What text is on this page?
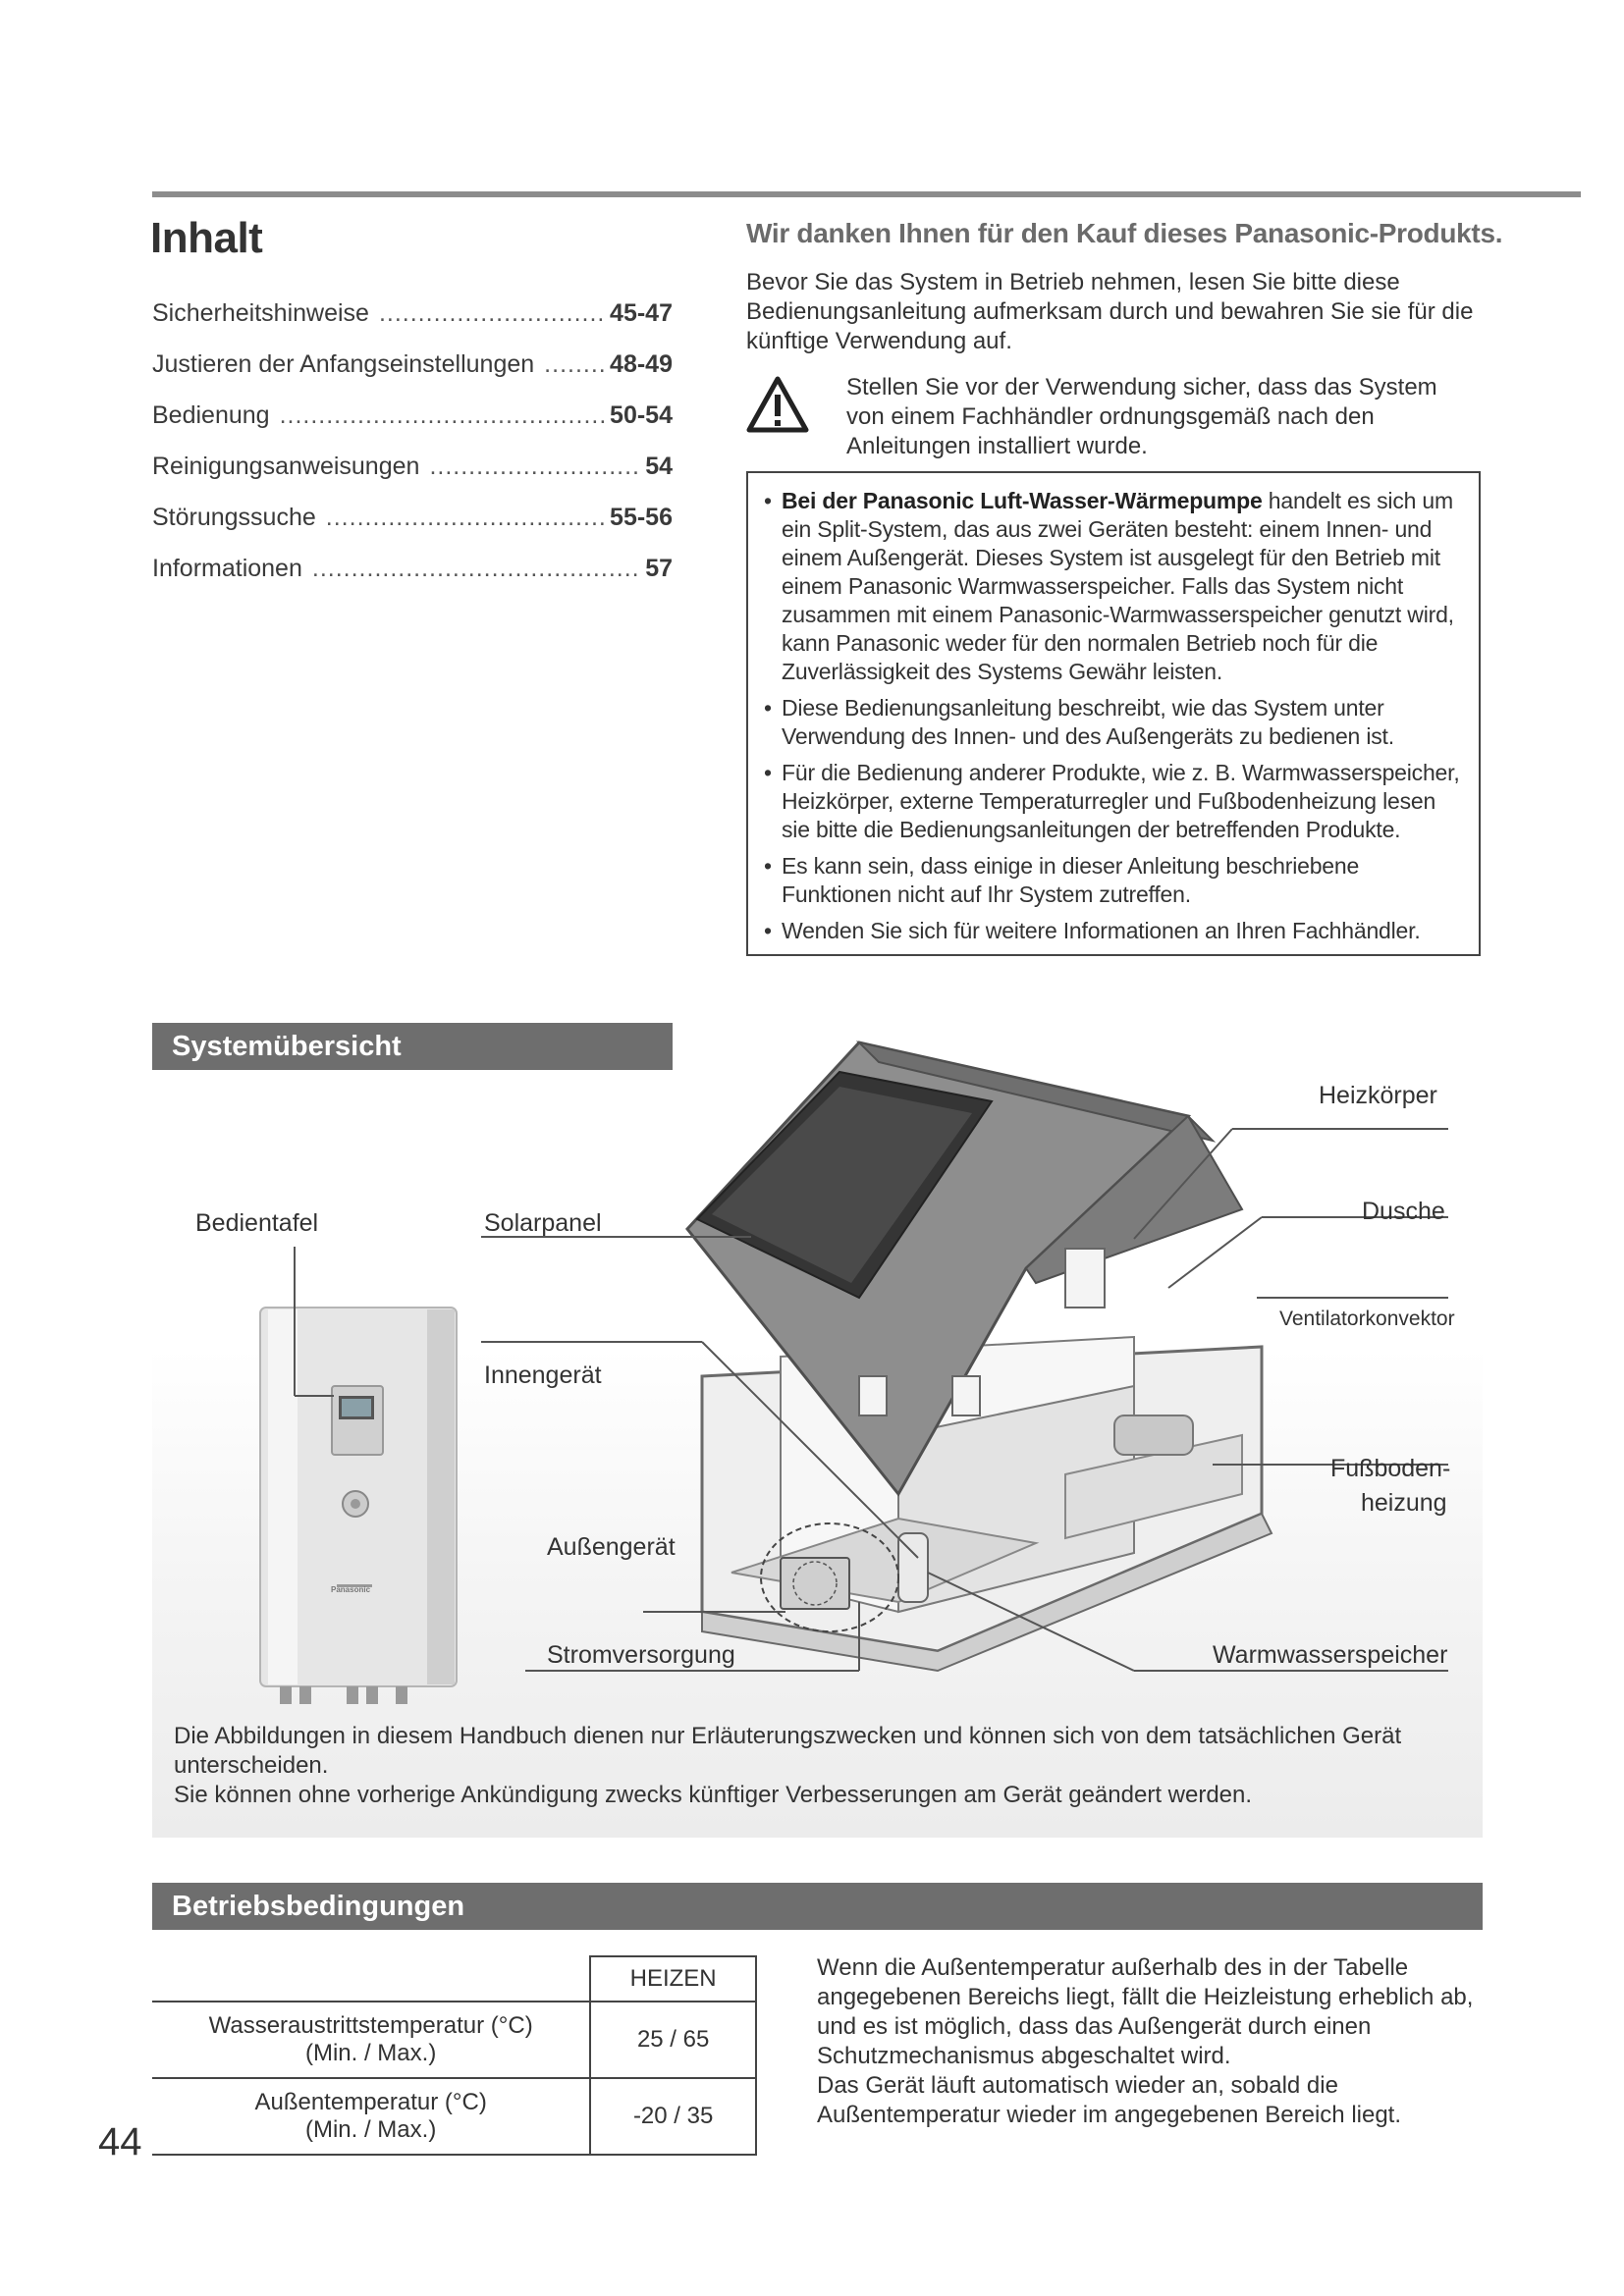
Inhalt
Sicherheitshinweise .....	45-47
Justieren der Anfangseinstellungen .....	48-49
Bedienung .....	50-54
Reinigungsanweisungen .....	54
Störungssuche .....	55-56
Informationen .....	57
Wir danken Ihnen für den Kauf dieses Panasonic-Produkts.

Bevor Sie das System in Betrieb nehmen, lesen Sie bitte diese Bedienungsanleitung aufmerksam durch und bewahren Sie sie für die künftige Verwendung auf.

Stellen Sie vor der Verwendung sicher, dass das System von einem Fachhändler ordnungsgemäß nach den Anleitungen installiert wurde.

• Bei der Panasonic Luft-Wasser-Wärmepumpe handelt es sich um ein Split-System, das aus zwei Geräten besteht: einem Innen- und einem Außengerät. Dieses System ist ausgelegt für den Betrieb mit einem Panasonic Warmwasserspeicher. Falls das System nicht zusammen mit einem Panasonic-Warmwasserspeicher genutzt wird, kann Panasonic weder für den normalen Betrieb noch für die Zuverlässigkeit des Systems Gewähr leisten.
• Diese Bedienungsanleitung beschreibt, wie das System unter Verwendung des Innen- und des Außengeräts zu bedienen ist.
• Für die Bedienung anderer Produkte, wie z. B. Warmwasserspeicher, Heizkörper, externe Temperaturregler und Fußbodenheizung lesen sie bitte die Bedienungsanleitungen der betreffenden Produkte.
• Es kann sein, dass einige in dieser Anleitung beschriebene Funktionen nicht auf Ihr System zutreffen.
• Wenden Sie sich für weitere Informationen an Ihren Fachhändler.
Bedientafel	Solarpanel
Innengerät
Außengerät
Stromversorgung
Heizkörper
Dusche
Ventilatorkonvektor
Fußboden-
heizung
Warmwasserspeicher
Panasonic

Die Abbildungen in diesem Handbuch dienen nur Erläuterungszwecken und können sich von dem tatsächlichen Gerät unterscheiden.
Sie können ohne vorherige Ankündigung zwecks künftiger Verbesserungen am Gerät geändert werden.

Systemübersicht
Betriebsbedingungen
	HEIZEN
Wasseraustrittstemperatur (°C)
(Min. / Max.)	25 / 65
Außentemperatur (°C)
(Min. / Max.)	-20 / 35

Wenn die Außentemperatur außerhalb des in der Tabelle angegebenen Bereichs liegt, fällt die Heizleistung erheblich ab, und es ist möglich, dass das Außengerät durch einen Schutzmechanismus abgeschaltet wird.
Das Gerät läuft automatisch wieder an, sobald die Außentemperatur wieder im angegebenen Bereich liegt.

44
